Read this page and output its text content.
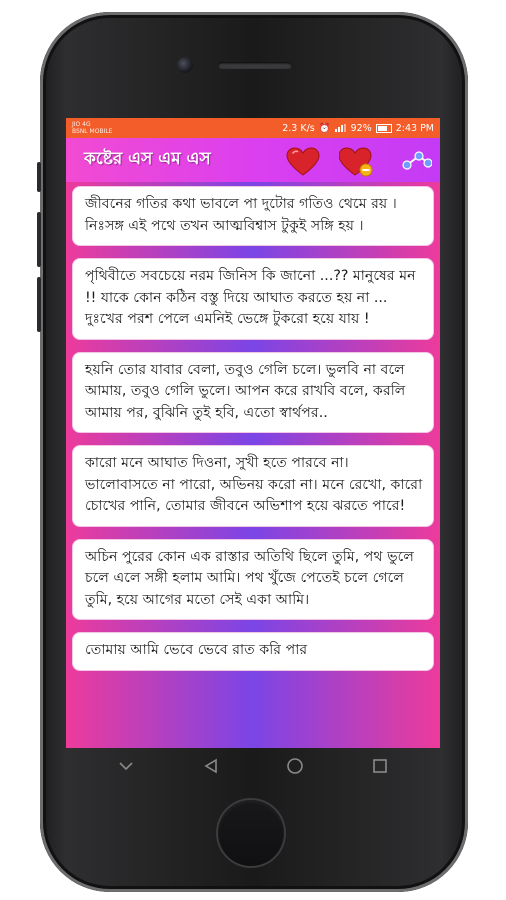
JIO 4G
BSNL MOBILE	2.3 K/s ⏰ 92%	2:43 PM
কষ্টের এস এম এস
জীবনের গতির কথা ভাবলে পা দুটোর গতিও থেমে রয় ।নিঃসঙ্গ এই পথে তখন আত্মবিশ্বাস টুকুই সঙ্গি হয় ।
পৃথিবীতে সবচেয়ে নরম জিনিস কি জানো ...?? মানুষের মন !! যাকে কোন কঠিন বস্তু দিয়ে আঘাত করতে হয় না ... দুঃখের পরশ পেলে এমনিই ভেঙ্গে টুকরো হয়ে যায় !
হয়নি তোর যাবার বেলা, তবুও গেলি চলে। ভুলবি না বলে আমায়, তবুও গেলি ভুলে। আপন করে রাখবি বলে, করলি আমায় পর, বুঝিনি তুই হবি, এতো স্বার্থপর..
কারো মনে আঘাত দিওনা, সুখী হতে পারবে না। ভালোবাসতে না পারো, অভিনয় করো না। মনে রেখো, কারো চোখের পানি, তোমার জীবনে অভিশাপ হয়ে ঝরতে পারে!
অচিন পুরের কোন এক রাস্তার অতিথি ছিলে তুমি, পথ ভুলে চলে এলে সঙ্গী হলাম আমি। পথ খুঁজে পেতেই চলে গেলে তুমি, হয়ে আগের মতো সেই একা আমি।
তোমায় আমি ভেবে ভেবে রাত করি পার
